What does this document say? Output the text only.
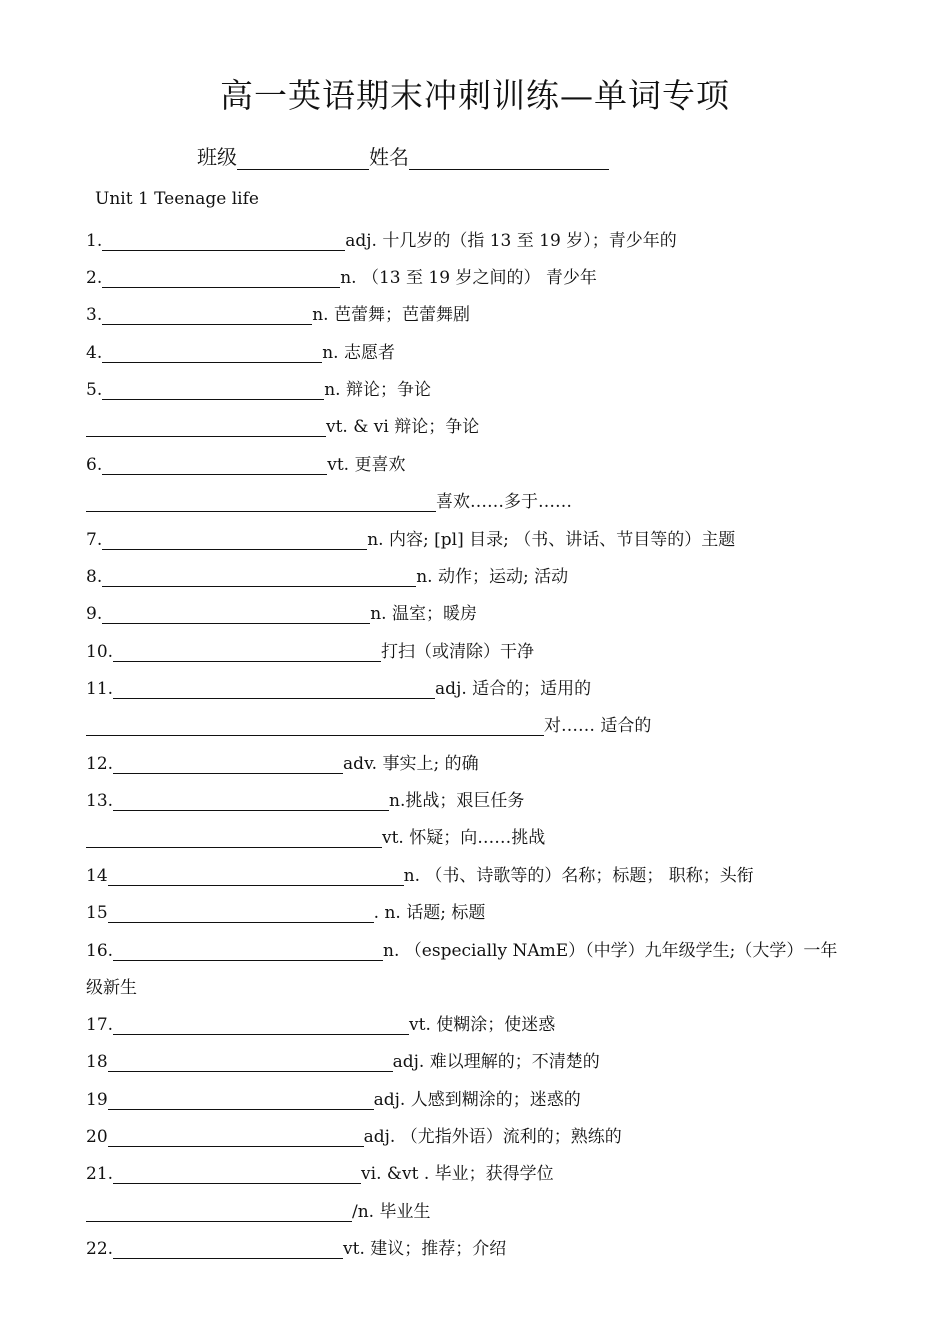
高一英语期末冲刺训练—单词专项
班级	姓名
Unit 1 Teenage life
1.	adj. 十几岁的（指 13 至 19 岁）；青少年的
2.	n. （13 至 19 岁之间的） 青少年
3.	n. 芭蕾舞；芭蕾舞剧
4.	n. 志愿者
5.	n. 辩论；争论
vt. & vi 辩论；争论
6.	vt. 更喜欢
喜欢……多于……
7.	n. 内容; [pl] 目录; （书、讲话、节目等的）主题
8.	n. 动作；运动; 活动
9.	n. 温室；暖房
10.	打扫（或清除）干净
11.	adj. 适合的；适用的
对…… 适合的
12.	adv. 事实上; 的确
13.	n.挑战；艰巨任务
vt. 怀疑；向……挑战
14	n. （书、诗歌等的）名称；标题； 职称；头衔
15	. n. 话题; 标题
16.	n. （especially NAmE）（中学）九年级学生;（大学）一年
级新生
17.	vt. 使糊涂；使迷惑
18	adj. 难以理解的；不清楚的
19	adj. 人感到糊涂的；迷惑的
20	adj. （尤指外语）流利的；熟练的
21.	vi. &vt . 毕业；获得学位
/n. 毕业生
22.	vt. 建议；推荐；介绍
